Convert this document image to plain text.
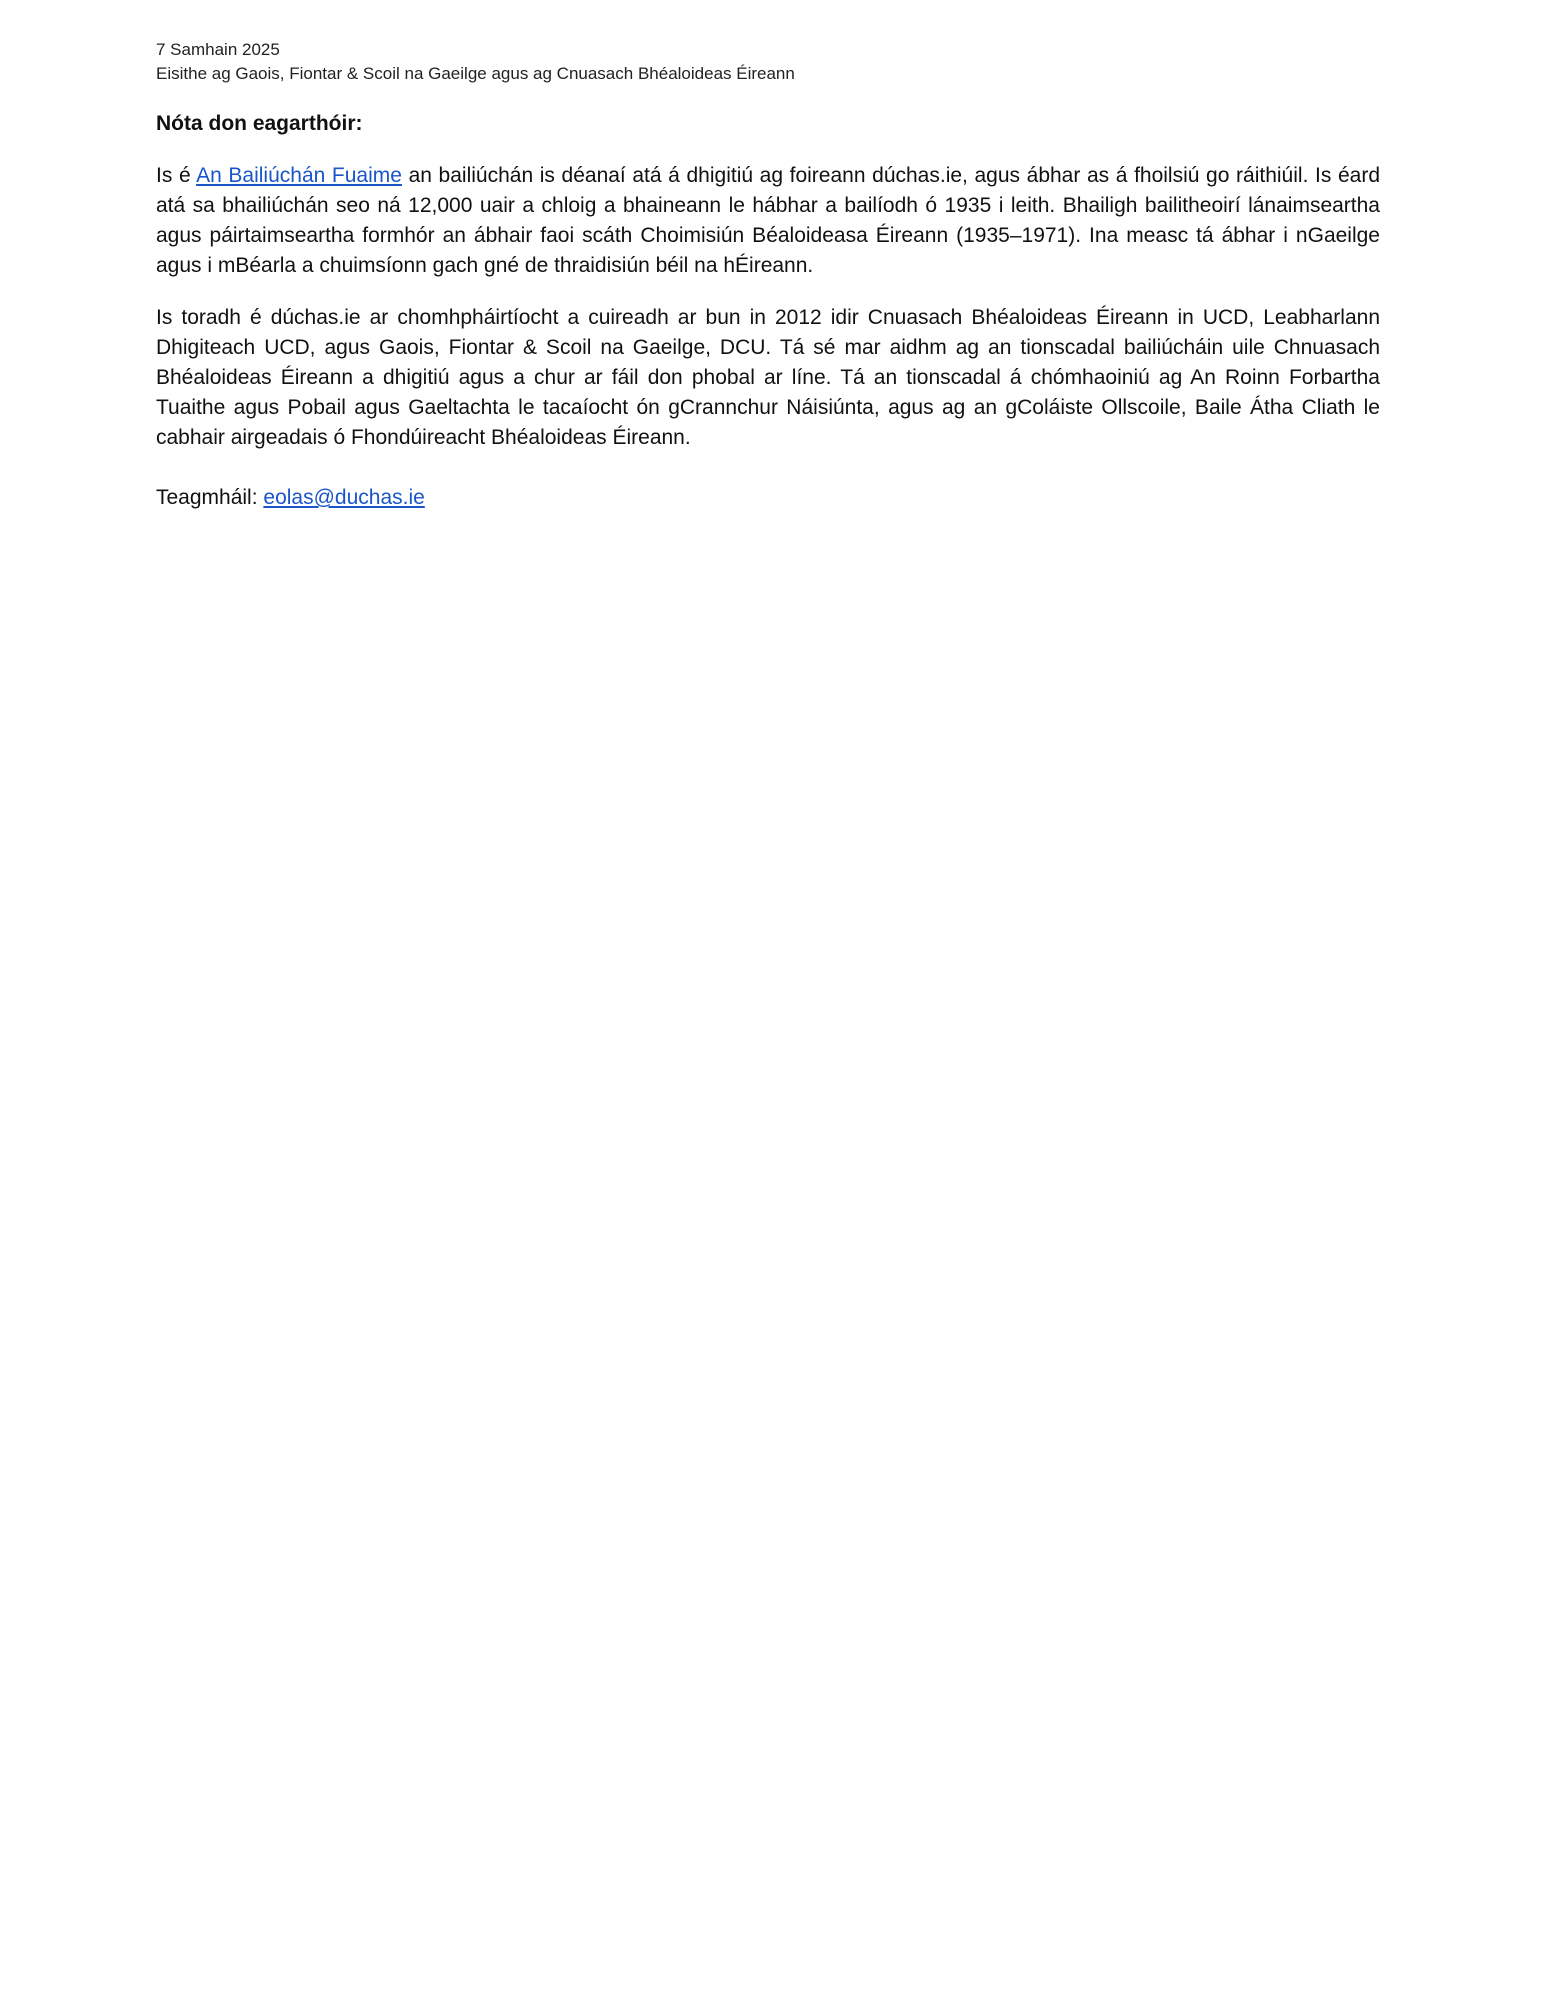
7 Samhain 2025

Eisithe ag Gaois, Fiontar & Scoil na Gaeilge agus ag Cnuasach Bhéaloideas Éireann

Nóta don eagarthóir:

Is é An Bailiúchán Fuaime an bailiúchán is déanaí atá á dhigitiú ag foireann dúchas.ie, agus ábhar as á fhoilsiú go ráithiúil. Is éard atá sa bhailiúchán seo ná 12,000 uair a chloig a bhaineann le hábhar a bailíodh ó 1935 i leith. Bhailigh bailitheoirí lánaimseartha agus páirtaimseartha formhór an ábhair faoi scáth Choimisiún Béaloideasa Éireann (1935–1971). Ina measc tá ábhar i nGaeilge agus i mBéarla a chuimsíonn gach gné de thraidisiún béil na hÉireann.

Is toradh é dúchas.ie ar chomhpháirtíocht a cuireadh ar bun in 2012 idir Cnuasach Bhéaloideas Éireann in UCD, Leabharlann Dhigiteach UCD, agus Gaois, Fiontar & Scoil na Gaeilge, DCU. Tá sé mar aidhm ag an tionscadal bailiúcháin uile Chnuasach Bhéaloideas Éireann a dhigitiú agus a chur ar fáil don phobal ar líne. Tá an tionscadal á chómhaoiniú ag An Roinn Forbartha Tuaithe agus Pobail agus Gaeltachta le tacaíocht ón gCrannchur Náisiúnta, agus ag an gColáiste Ollscoile, Baile Átha Cliath le cabhair airgeadais ó Fhondúireacht Bhéaloideas Éireann.

Teagmháil: eolas@duchas.ie
